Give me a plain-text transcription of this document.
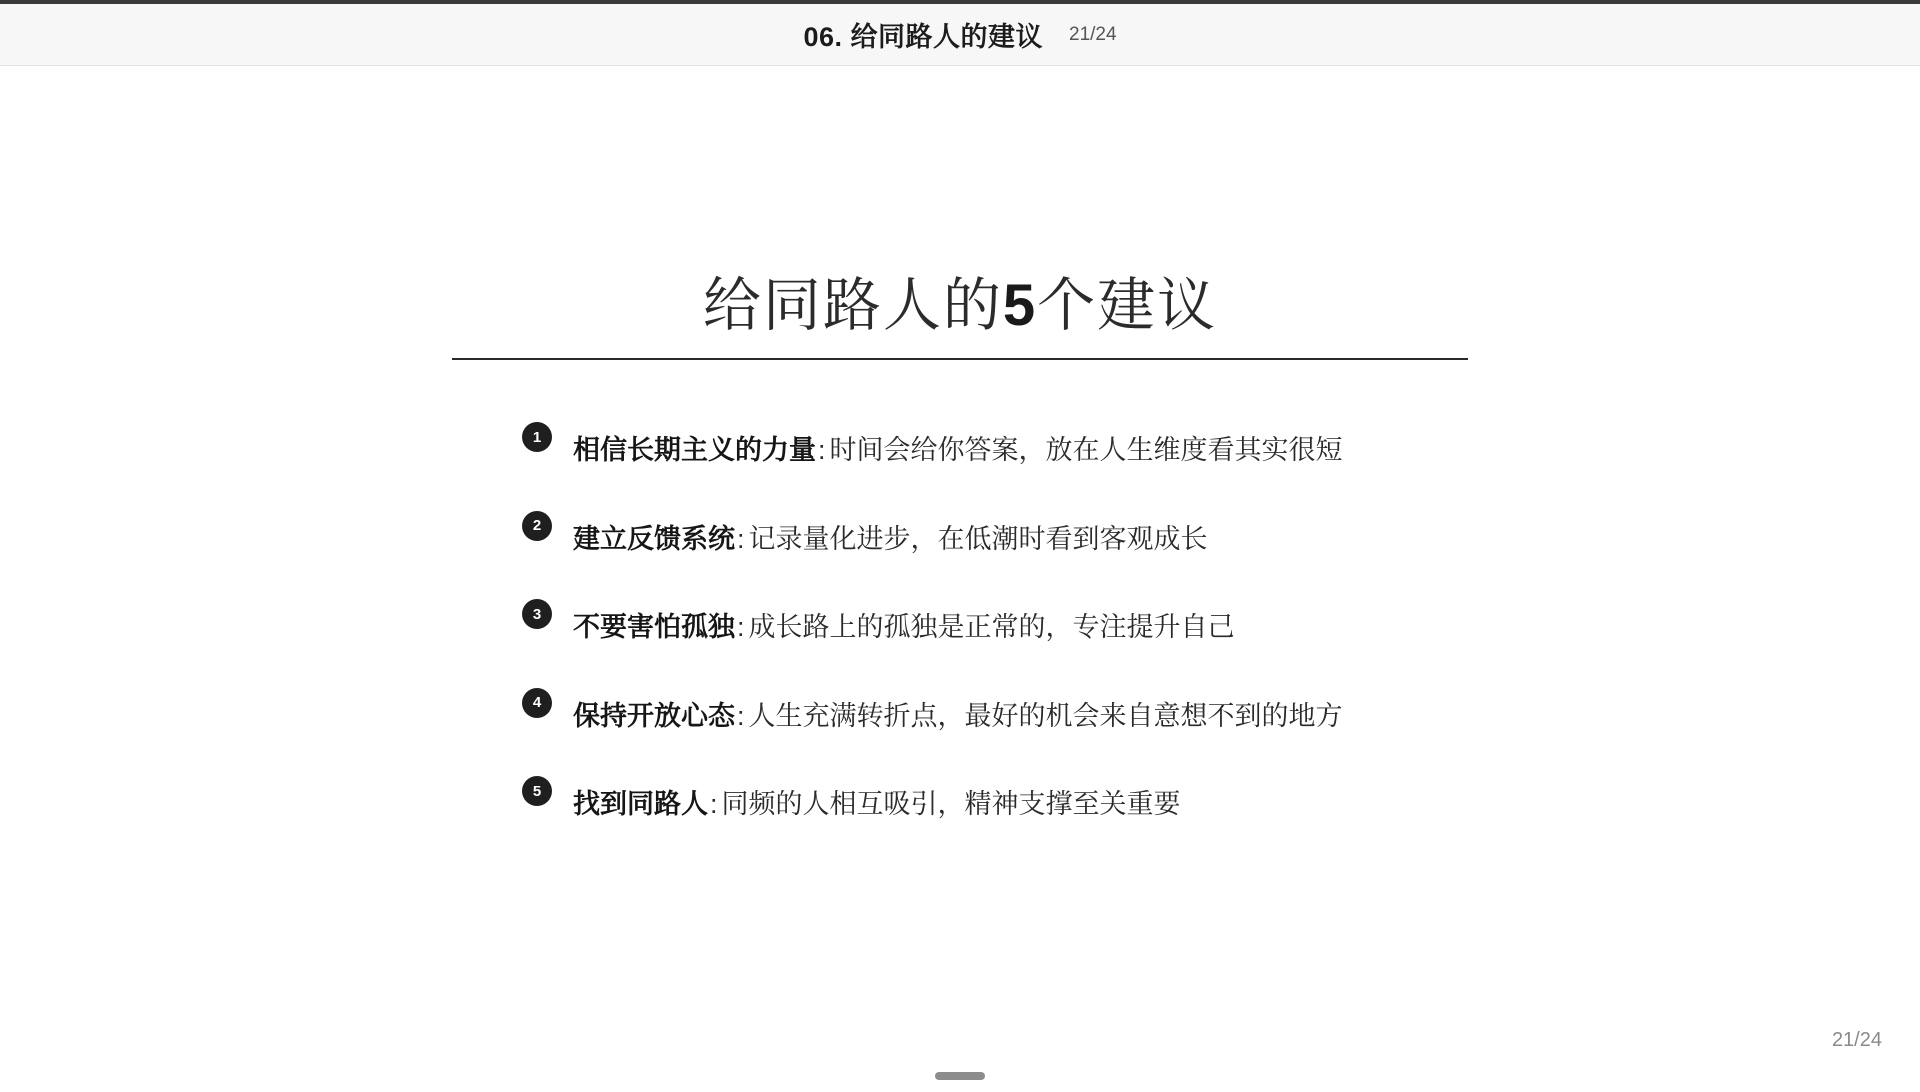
06. 给同路人的建议 21/24
给同路人的5个建议
1	相信长期主义的力量: 时间会给你答案，放在人生维度看其实很短
2	建立反馈系统: 记录量化进步，在低潮时看到客观成长
3	不要害怕孤独: 成长路上的孤独是正常的，专注提升自己
4	保持开放心态: 人生充满转折点，最好的机会来自意想不到的地方
5	找到同路人: 同频的人相互吸引，精神支撑至关重要
21/24
